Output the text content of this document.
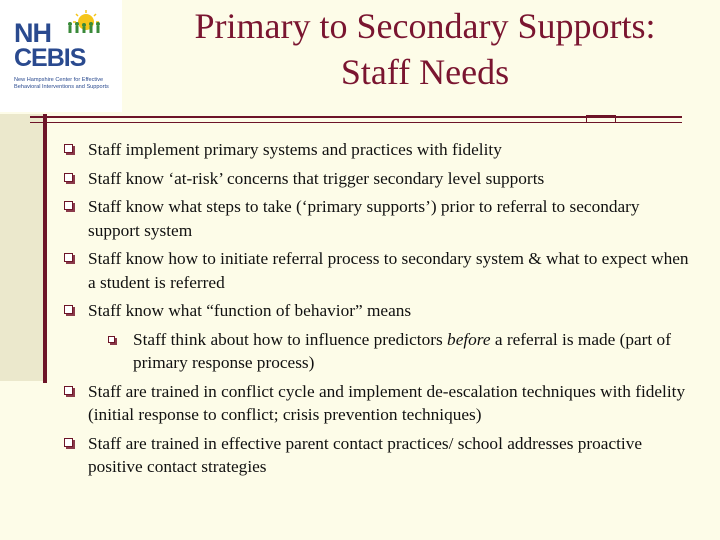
NH
CEBIS
New Hampshire Center for Effective Behavioral Interventions and Supports
Primary to Secondary Supports:
Staff Needs
Staff implement primary systems and practices with fidelity
Staff know ‘at-risk’ concerns that trigger secondary level supports
Staff know what steps to take (‘primary supports’) prior to referral to secondary support system
Staff know how to initiate referral process to secondary system & what to expect when a student is referred
Staff know what “function of behavior” means
Staff think about how to influence predictors before a referral is made (part of primary response process)
Staff are trained in conflict cycle and implement de-escalation techniques with fidelity (initial response to conflict; crisis prevention techniques)
Staff are trained in effective parent contact practices/ school addresses proactive positive contact strategies
